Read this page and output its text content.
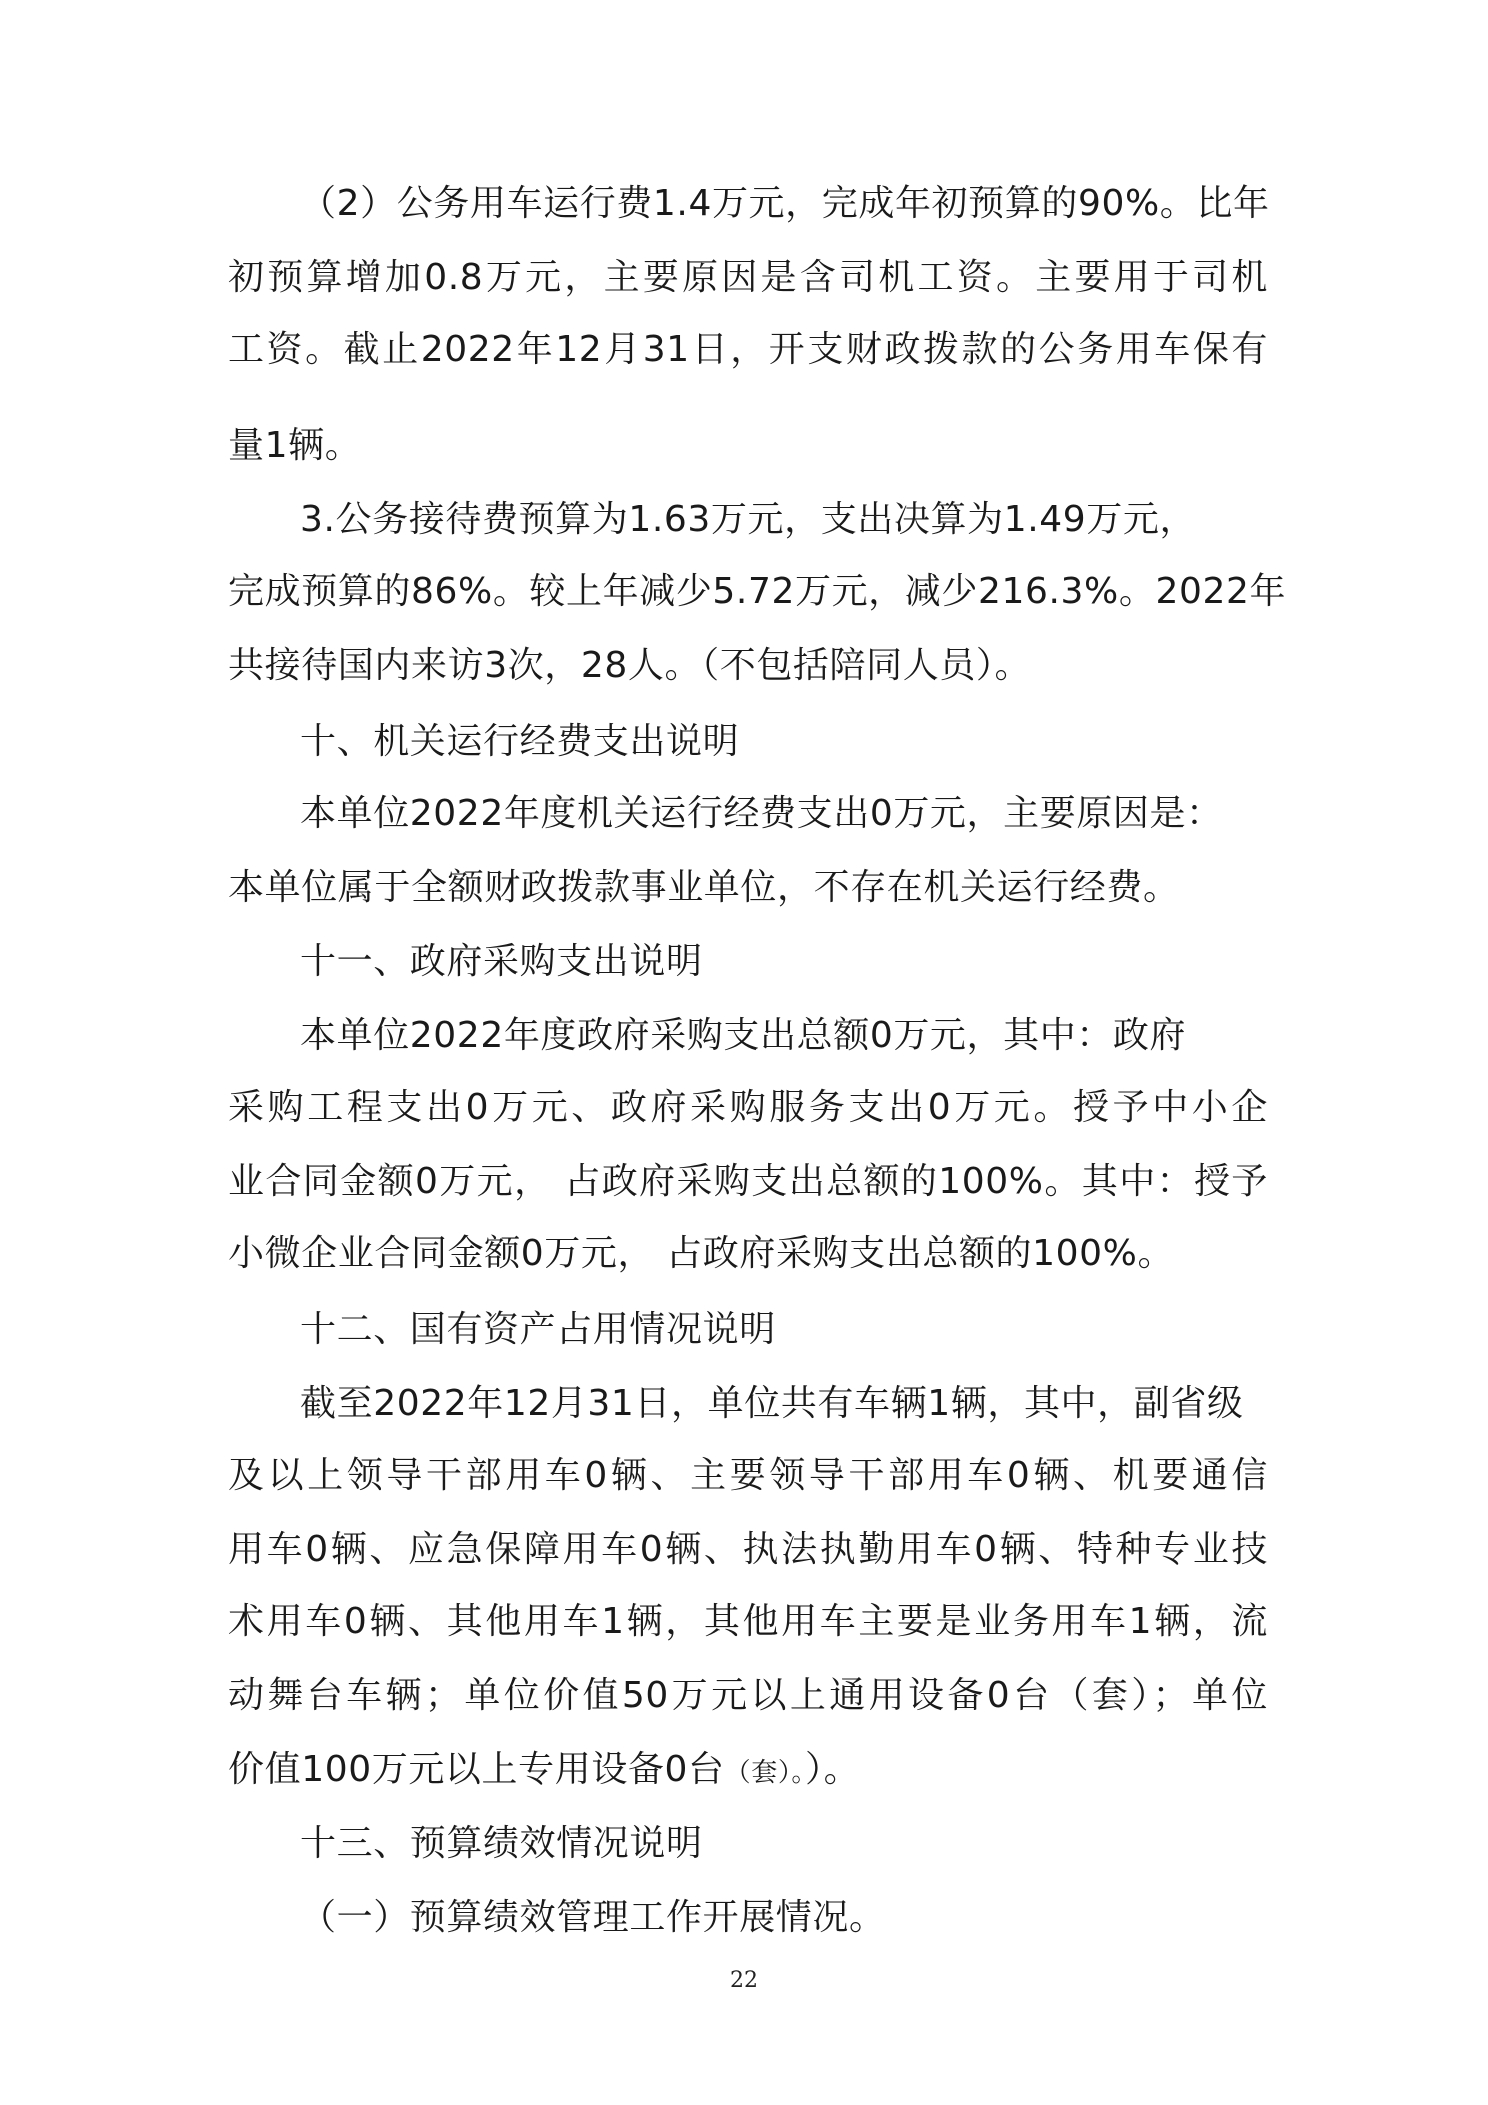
（2）公务用车运行费1.4万元，完成年初预算的90%。比年
初预算增加0.8万元，主要原因是含司机工资。主要用于司机
工资。截止2022年12月31日，开支财政拨款的公务用车保有
量1辆。
3.公务接待费预算为1.63万元，支出决算为1.49万元，
完成预算的86%。较上年减少5.72万元，减少216.3%。2022年
共接待国内来访3次，28人。（不包括陪同人员）。
十、机关运行经费支出说明
本单位2022年度机关运行经费支出0万元，主要原因是：
本单位属于全额财政拨款事业单位，不存在机关运行经费。
十一、政府采购支出说明
本单位2022年度政府采购支出总额0万元，其中：政府
采购工程支出0万元、政府采购服务支出0万元。授予中小企
业合同金额0万元， 占政府采购支出总额的100%。其中：授予
小微企业合同金额0万元， 占政府采购支出总额的100%。
十二、国有资产占用情况说明
截至2022年12月31日，单位共有车辆1辆，其中，副省级
及以上领导干部用车0辆、主要领导干部用车0辆、机要通信
用车0辆、应急保障用车0辆、执法执勤用车0辆、特种专业技
术用车0辆、其他用车1辆，其他用车主要是业务用车1辆，流
动舞台车辆；单位价值50万元以上通用设备0台（套）；单位
价值100万元以上专用设备0台（套）。）。
十三、预算绩效情况说明
（一）预算绩效管理工作开展情况。
22
